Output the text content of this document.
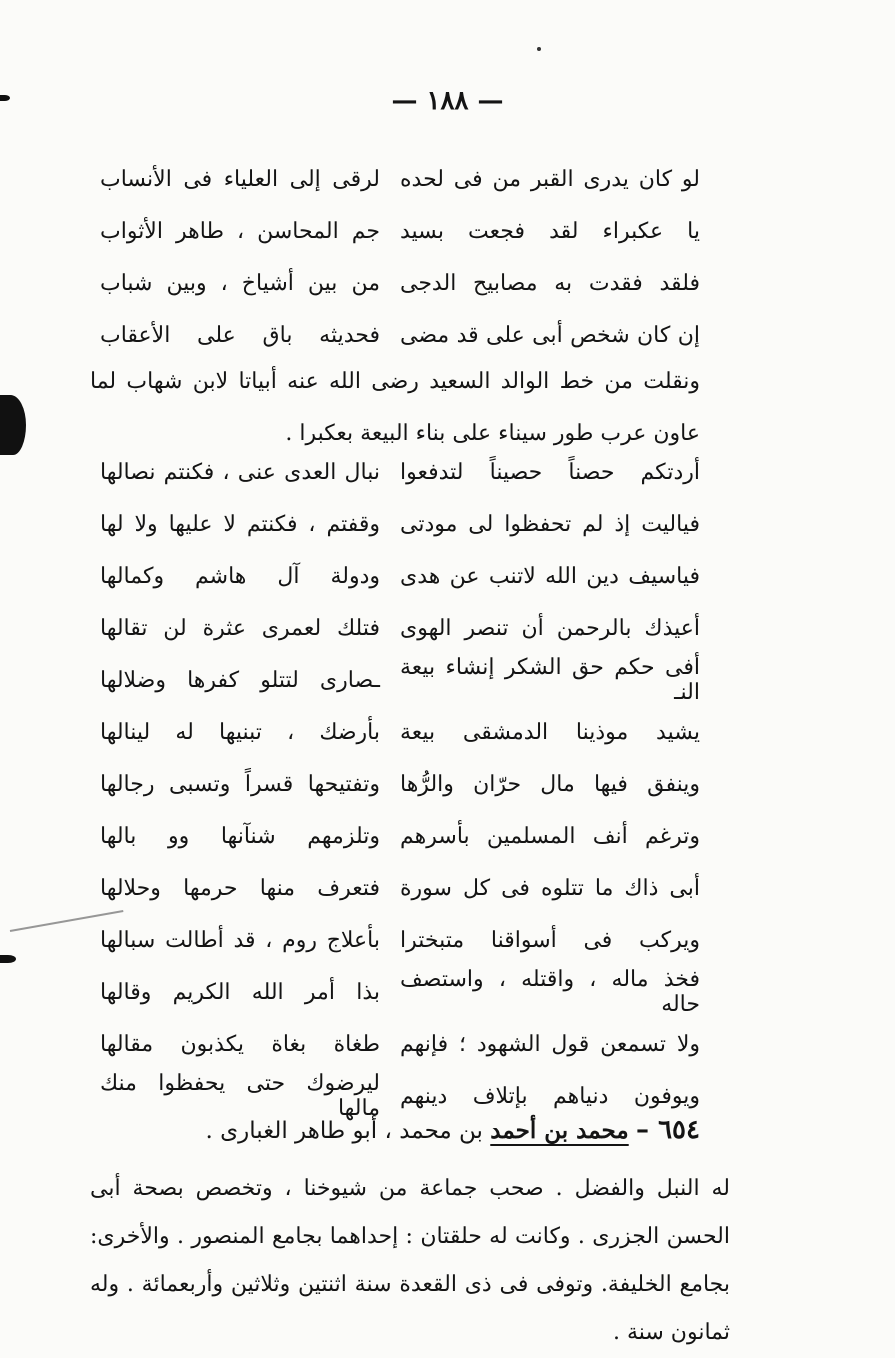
— ١٨٨ —
لو كان يدرى القبر من فى لحده
لرقى إلى العلياء فى الأنساب
يا عكبراء لقد فجعت بسيد
جم المحاسن ، طاهر الأثواب
فلقد فقدت به مصابيح الدجى
من بين أشياخ ، وبين شباب
إن كان شخص أبى على قد مضى
فحديثه باق على الأعقاب
ونقلت من خط الوالد السعيد رضى الله عنه أبياتا لابن شهاب لما عاون عرب طور سيناء على بناء البيعة بعكبرا .
أردتكم حصناً حصيناً لتدفعوا
نبال العدى عنى ، فكنتم نصالها
فياليت إذ لم تحفظوا لى مودتى
وقفتم ، فكنتم لا عليها ولا لها
فياسيف دين الله لاتنب عن هدى
ودولة آل هاشم وكمالها
أعيذك بالرحمن أن تنصر الهوى
فتلك لعمرى عثرة لن تقالها
أفى حكم حق الشكر إنشاء بيعة النـ
ـصارى لتتلو كفرها وضلالها
يشيد موذينا الدمشقى بيعة
بأرضك ، تبنيها له لينالها
وينفق فيها مال حرّان والرُّها
وتفتيحها قسراً وتسبى رجالها
وترغم أنف المسلمين بأسرهم
وتلزمهم شنآنها وو بالها
أبى ذاك ما تتلوه فى كل سورة
فتعرف منها حرمها وحلالها
ويركب فى أسواقنا متبخترا
بأعلاج روم ، قد أطالت سبالها
فخذ ماله ، واقتله ، واستصف حاله
بذا أمر الله الكريم وقالها
ولا تسمعن قول الشهود ؛ فإنهم
طغاة بغاة يكذبون مقالها
ويوفون دنياهم بإتلاف دينهم
ليرضوك حتى يحفظوا منك مالها
٦٥٤ – محمد بن أحمد بن محمد ، أبو طاهر الغبارى .
له النبل والفضل . صحب جماعة من شيوخنا ، وتخصص بصحة أبى الحسن الجزرى . وكانت له حلقتان : إحداهما بجامع المنصور . والأخرى: بجامع الخليفة. وتوفى فى ذى القعدة سنة اثنتين وثلاثين وأربعمائة . وله ثمانون سنة .
